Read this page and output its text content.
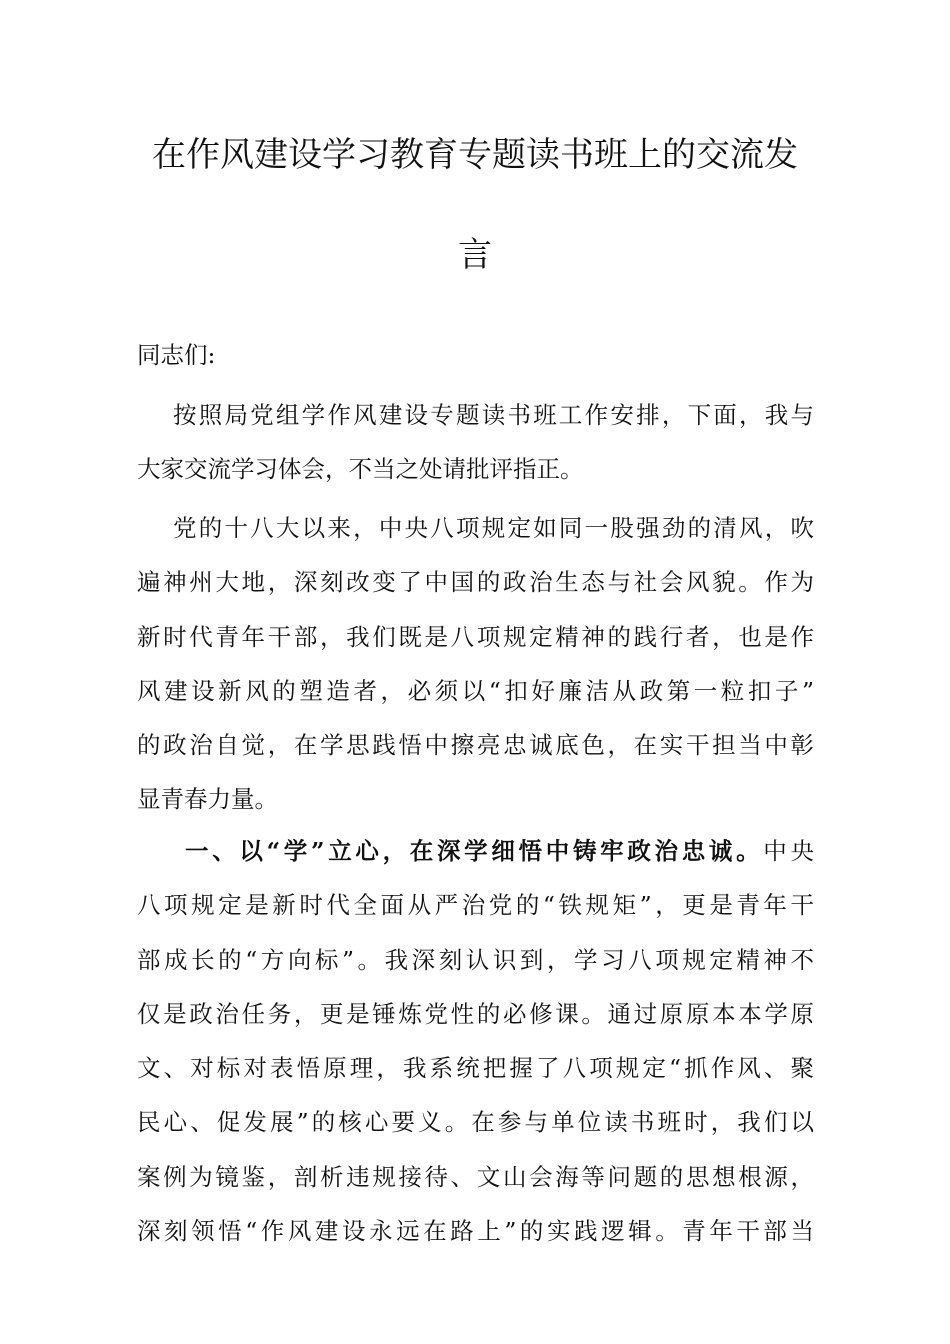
在作风建设学习教育专题读书班上的交流发
言
同志们:
按照局党组学作风建设专题读书班工作安排，下面，我与
大家交流学习体会，不当之处请批评指正。
党的十八大以来，中央八项规定如同一股强劲的清风，吹
遍神州大地，深刻改变了中国的政治生态与社会风貌。作为
新时代青年干部，我们既是八项规定精神的践行者，也是作
风建设新风的塑造者，必须以“扣好廉洁从政第一粒扣子”
的政治自觉，在学思践悟中擦亮忠诚底色，在实干担当中彰
显青春力量。
一、以“学”立心，在深学细悟中铸牢政治忠诚。中央
八项规定是新时代全面从严治党的“铁规矩”，更是青年干
部成长的“方向标”。我深刻认识到，学习八项规定精神不
仅是政治任务，更是锤炼党性的必修课。通过原原本本学原
文、对标对表悟原理，我系统把握了八项规定“抓作风、聚
民心、促发展”的核心要义。在参与单位读书班时，我们以
案例为镜鉴，剖析违规接待、文山会海等问题的思想根源，
深刻领悟“作风建设永远在路上”的实践逻辑。青年干部当
